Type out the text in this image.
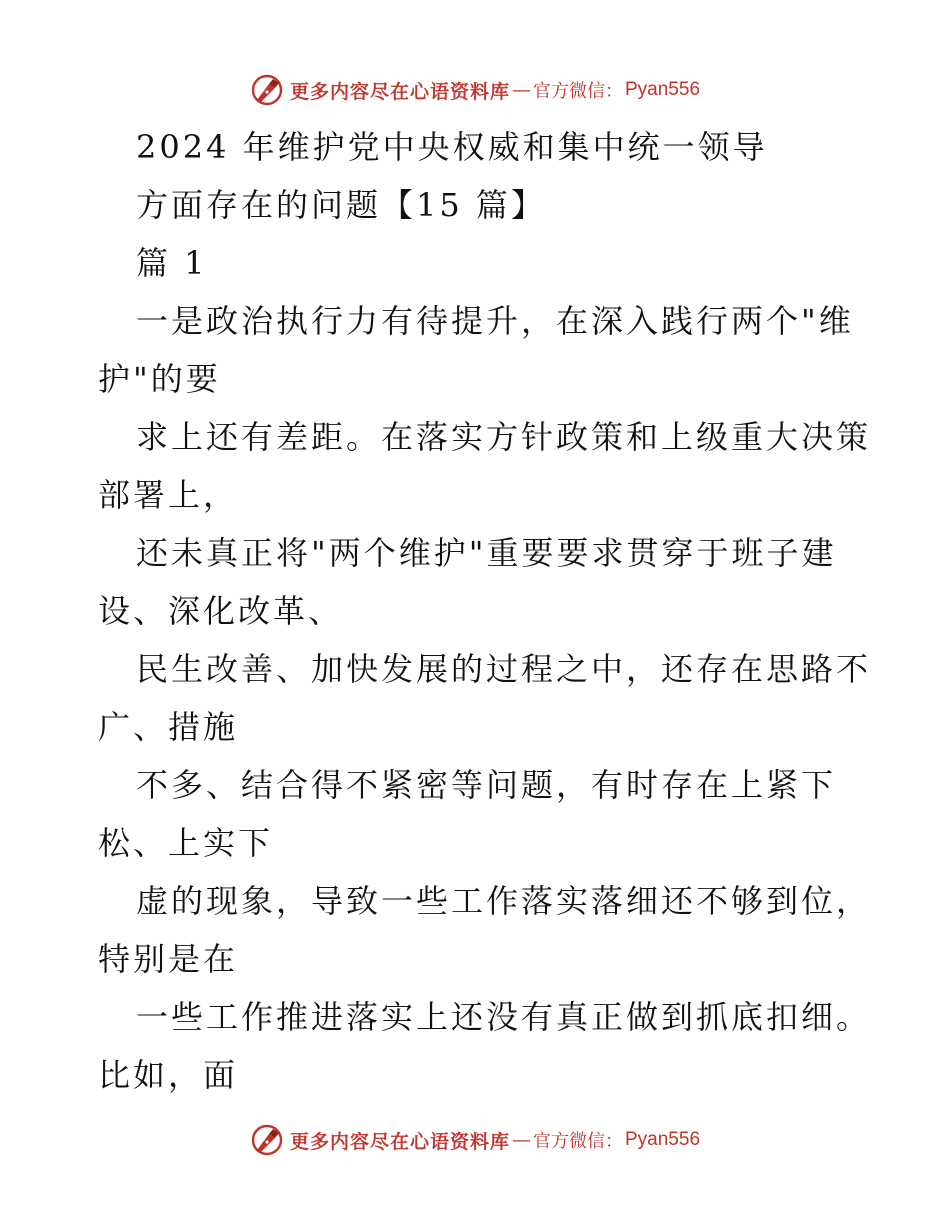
更多内容尽在心语资料库 — 官方微信： Pyan556
2024 年维护党中央权威和集中统一领导
方面存在的问题【15 篇】
篇 1
一是政治执行力有待提升，在深入践行两个"维
护"的要
求上还有差距。在落实方针政策和上级重大决策
部署上，
还未真正将"两个维护"重要要求贯穿于班子建
设、深化改革、
民生改善、加快发展的过程之中，还存在思路不
广、措施
不多、结合得不紧密等问题，有时存在上紧下
松、上实下
虚的现象，导致一些工作落实落细还不够到位，
特别是在
一些工作推进落实上还没有真正做到抓底扣细。
比如，面
更多内容尽在心语资料库 — 官方微信： Pyan556
